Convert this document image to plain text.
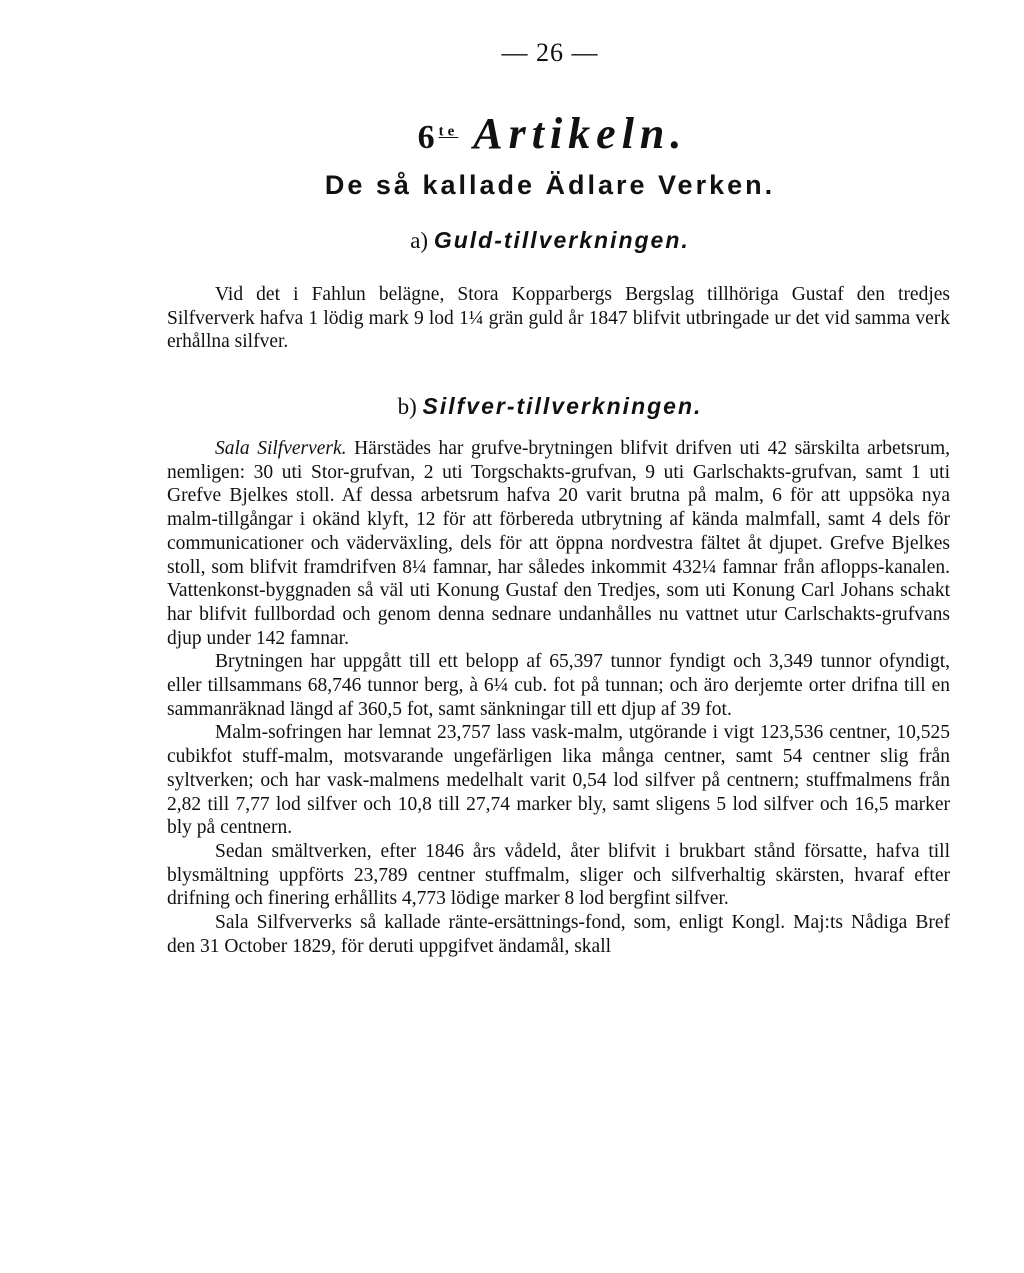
— 26 —
$6^{te}$ Artikeln.
De så kallade Ädlare Verken.
a) Guld-tillverkningen.

Vid det i Fahlun belägne, Stora Kopparbergs Bergslag tillhöriga Gustaf den tredjes Silfververk hafva 1 lödig mark 9 lod 1¼ grän guld år 1847 blifvit utbringade ur det vid samma verk erhållna silfver.

b) Silfver-tillverkningen.

Sala Silfververk. Härstädes har grufve-brytningen blifvit drifven uti 42 särskilta arbetsrum, nemligen: 30 uti Stor-grufvan, 2 uti Torgschakts-grufvan, 9 uti Garlschakts-grufvan, samt 1 uti Grefve Bjelkes stoll. Af dessa arbetsrum hafva 20 varit brutna på malm, 6 för att uppsöka nya malm-tillgångar i okänd klyft, 12 för att förbereda utbrytning af kända malmfall, samt 4 dels för communicationer och väderväxling, dels för att öppna nordvestra fältet åt djupet. Grefve Bjelkes stoll, som blifvit framdrifven 8¼ famnar, har således inkommit 432¼ famnar från aflopps-kanalen. Vattenkonst-byggnaden så väl uti Konung Gustaf den Tredjes, som uti Konung Carl Johans schakt har blifvit fullbordad och genom denna sednare undanhålles nu vattnet utur Carlschakts-grufvans djup under 142 famnar.

Brytningen har uppgått till ett belopp af 65,397 tunnor fyndigt och 3,349 tunnor ofyndigt, eller tillsammans 68,746 tunnor berg, à 6¼ cub. fot på tunnan; och äro derjemte orter drifna till en sammanräknad längd af 360,5 fot, samt sänkningar till ett djup af 39 fot.

Malm-sofringen har lemnat 23,757 lass vask-malm, utgörande i vigt 123,536 centner, 10,525 cubikfot stuff-malm, motsvarande ungefärligen lika många centner, samt 54 centner slig från syltverken; och har vask-malmens medelhalt varit 0,54 lod silfver på centnern; stuffmalmens från 2,82 till 7,77 lod silfver och 10,8 till 27,74 marker bly, samt sligens 5 lod silfver och 16,5 marker bly på centnern.

Sedan smältverken, efter 1846 års vådeld, åter blifvit i brukbart stånd försatte, hafva till blysmältning uppförts 23,789 centner stuffmalm, sliger och silfverhaltig skärsten, hvaraf efter drifning och finering erhållits 4,773 lödige marker 8 lod bergfint silfver.

Sala Silfververks så kallade ränte-ersättnings-fond, som, enligt Kongl. Maj:ts Nådiga Bref den 31 October 1829, för deruti uppgifvet ändamål, skall
